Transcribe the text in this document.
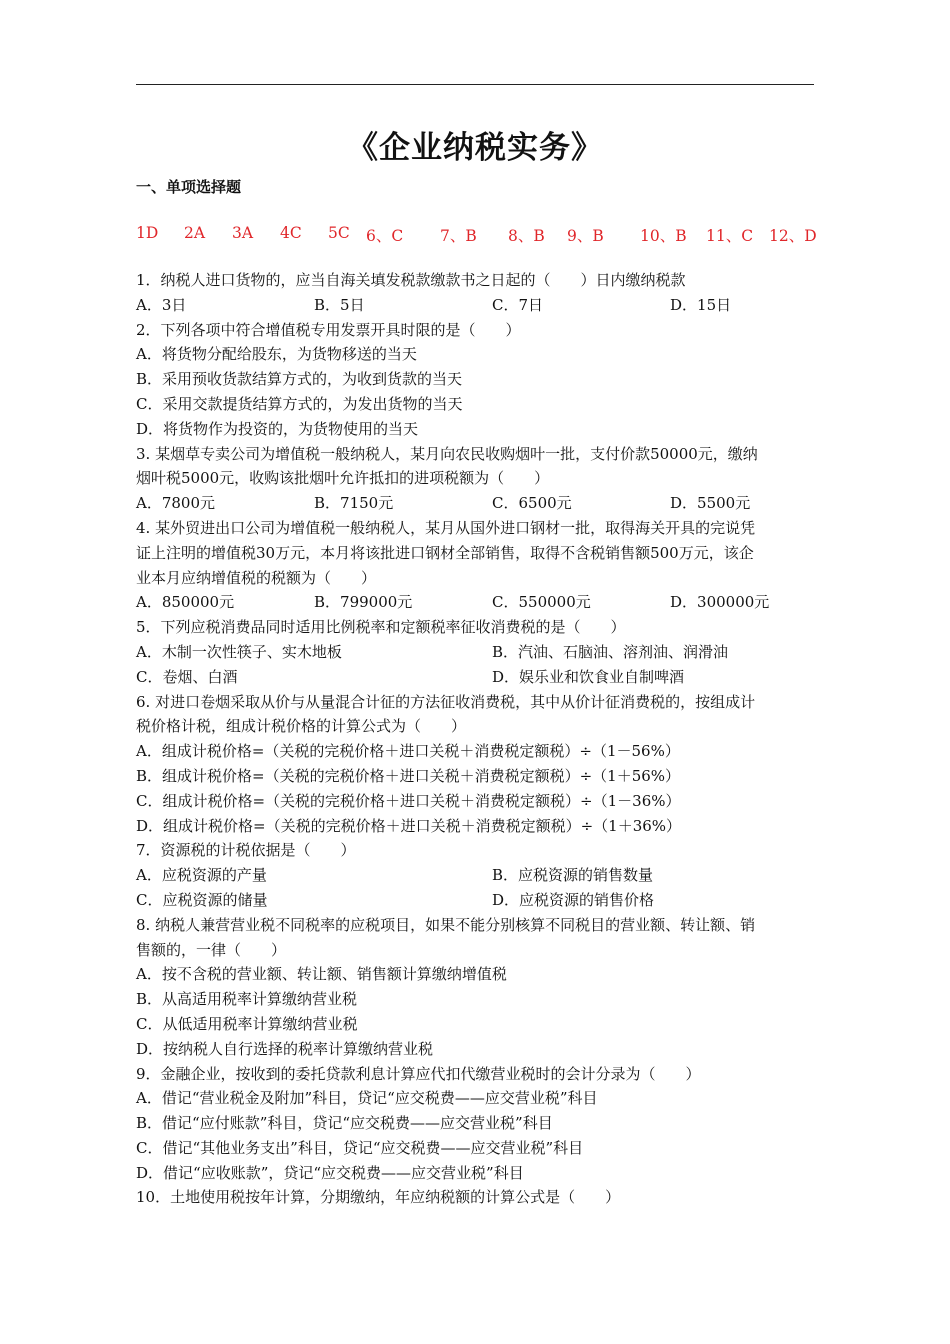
《企业纳税实务》
一、单项选择题
1D 2A 3A 4C 5C 6、C 7、B 8、B 9、B 10、B 11、C 12、D
1．纳税人进口货物的，应当自海关填发税款缴款书之日起的（　　）日内缴纳税款
A．3日	B．5日	C．7日	D．15日
2．下列各项中符合增值税专用发票开具时限的是（　　）
A．将货物分配给股东，为货物移送的当天
B．采用预收货款结算方式的，为收到货款的当天
C．采用交款提货结算方式的，为发出货物的当天
D．将货物作为投资的，为货物使用的当天
3. 某烟草专卖公司为增值税一般纳税人，某月向农民收购烟叶一批，支付价款50000元，缴纳
烟叶税5000元，收购该批烟叶允许抵扣的进项税额为（　　）
A．7800元	B．7150元	C．6500元	D．5500元
4. 某外贸进出口公司为增值税一般纳税人，某月从国外进口钢材一批，取得海关开具的完说凭
证上注明的增值税30万元，本月将该批进口钢材全部销售，取得不含税销售额500万元，该企
业本月应纳增值税的税额为（　　）
A．850000元	B．799000元	C．550000元	D．300000元
5．下列应税消费品同时适用比例税率和定额税率征收消费税的是（　　）
A．木制一次性筷子、实木地板	B．汽油、石脑油、溶剂油、润滑油
C．卷烟、白酒	D．娱乐业和饮食业自制啤酒
6. 对进口卷烟采取从价与从量混合计征的方法征收消费税，其中从价计征消费税的，按组成计
税价格计税，组成计税价格的计算公式为（　　）
A．组成计税价格=（关税的完税价格＋进口关税＋消费税定额税）÷（1－56%）
B．组成计税价格=（关税的完税价格＋进口关税＋消费税定额税）÷（1＋56%）
C．组成计税价格=（关税的完税价格＋进口关税＋消费税定额税）÷（1－36%）
D．组成计税价格=（关税的完税价格＋进口关税＋消费税定额税）÷（1＋36%）
7．资源税的计税依据是（　　）
A．应税资源的产量	B．应税资源的销售数量
C．应税资源的储量	D．应税资源的销售价格
8. 纳税人兼营营业税不同税率的应税项目，如果不能分别核算不同税目的营业额、转让额、销
售额的，一律（　　）
A．按不含税的营业额、转让额、销售额计算缴纳增值税
B．从高适用税率计算缴纳营业税
C．从低适用税率计算缴纳营业税
D．按纳税人自行选择的税率计算缴纳营业税
9．金融企业，按收到的委托贷款利息计算应代扣代缴营业税时的会计分录为（　　）
A．借记“营业税金及附加”科目，贷记“应交税费——应交营业税”科目
B．借记“应付账款”科目，贷记“应交税费——应交营业税”科目
C．借记“其他业务支出”科目，贷记“应交税费——应交营业税”科目
D．借记“应收账款”，贷记“应交税费——应交营业税”科目
10．土地使用税按年计算，分期缴纳，年应纳税额的计算公式是（　　）
